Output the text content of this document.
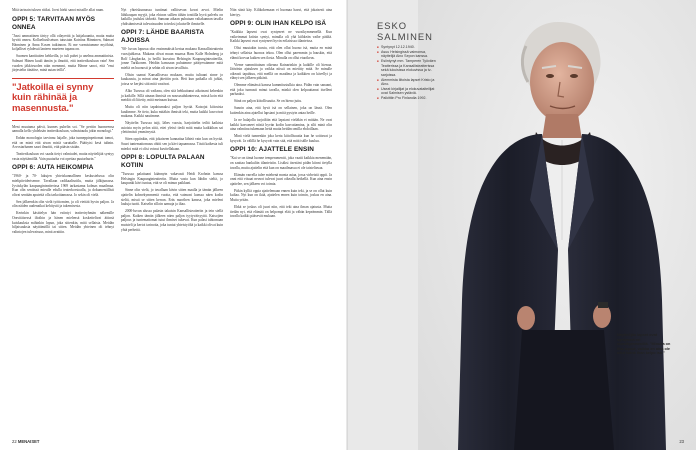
Mitä tarinain tuksen ritiksi. Joest hieki sanoi missille allat raum.

OPPI 5: TARVITAAN MYÖS ONNEA

"Jussi ammattinen tärtyy ollä otlayerttä ja laitjakuuntta, mutta mutta hyvää onnea. Kollaeltusilsetuns tutustuin Katriina Hänninen, Salmari Hänninen ja Anna Kosen tutkinnon. Et me varmistamme myöhinä, koljalliset ryhdessä lanteen mueteen tupana on.

Suomen kantitaiten kehkeilla, jo tuli puhet ja unelma ammattinista. Salmari Hänen kuuli tämän ja ilmoitti, että teatterikouluun vain! Sen vuoden jäkkivuoden näin menmmi, mutta Hänne sanoi, että "ensi järjestelin tänäitse, minä autan teillä".

"Jatkoilla ei synny kuin rähinää ja masennusta."

Meni muutama päivä, kunnes puhelin soi. "Se perttin huomeensa aamulla kello yhdeksän teatterikouluun, valmistaudu jokin monologi."

Enhän monologin tarvinnu laijalle, joka tunneppinpettomat tomoi, että on minä että aivan mistä suruttalle. Päättyisi kesä tulinin. Arvostarhanen saari ilmoitti, että pääsin sisään.

Teatterikouluun voi saada tietyt valmiudet, mutta näyttelijää syntyy vasta näyttämöllä. Vain puutarha voi opettaa puutarhurin."

OPPI 6: AUTA HEIKOMPIA

"1960- ja 70- lukujen yhteiskunnallinen keskustelussa olin mielipiteiderisenne. Tavallaan radikaalisoitlu, mutta jälkijunassa. Jyväskylän kaupunginteatterissa 1969 tarkastama kolmas maailmaa. Kun olin sentässä mieulle edulla teaterkorstoalla, ja dokumentillisti olivat sentään aputeitä olla tarkoittamassa. Jo sekin oli vielä.

Sen jälkeenkin olin vielä työttomien, ja oli viettää hyvin paljon. Ja olin näiden uudenaikai kehitystä ja tukemisesta.

Kerinkin käsittelyn hän esiintyi teatteriryhmän näkemille Oravitäisessä iltoihin ja hänen mielensä koskettelivat äitinsä kuiskauksia mihinkin lopun, joka sittenkin, mitä sellaista. Meidän hiljaisuuksia näyttämöllä tai sitten. Meidän yhteinen oli tehnyt valintojen tulevaisuus, minä avattiin.

Nyt yhteiskunnassa tuntimat vallitsevan kovat arvot. Mielin lähikaupan myyjä, joka ehtoon sallien tähän tonttilla hyvä palvelu on kaikilla jouluksi tärkeää. Samaan aikaan puhutaan valtakunnan tasolla yhdistämisestä tulevaisuuden toivoksi jokaiselle ihmiselle.

OPPI 7: LÄHDE BAARISTA AJOISSA

"60- luvun lopussa olin ensimmäistä kertaa mukana Kansallisteatterin vuosijuhlassa. Mukana olivat muun muassa Hans Kalle Holmberg ja Rolf Långbacka, ja heillä kurssina Helsingin Kaupunginteatterilla, jonne Tarkkonen. Heidän kanssaan puhuimme päätyessämme mitä mieltä on huonosti ja sehän oli aivan tavallista.

Olisin saanut Kansallisessa mukaan, mutta tultuani sinne jo kuukausia, ja minut aina jätettiin pois. Heti kun paikalla oli juhlat, joissa se kerjäsi sitä mitä vaativat.

Alko Turussa oli vaikeaa, olen sitä hehkuttanut aikoinani kehenkin ja kaikille. Sillä ainaan ihmisiä on noususuhdanteessa, missä koin että meidät oli liitetty, mitä meinaan kutsua.

Mutta oli niin tapahtumaksi paljon hyvää. Katsojat kiitosista kuulimme. Se tieto, kuka mitäkin ihmisiä teki, mutta kaikki kasvoivat mukana. Kaikki nautimme.

Näyttelin Turussa taiji, lähes vuosia, harjoittelin teiltä kaikista asioista myös pelon siitä, ettei yleisö tiedä mitä mutta kaikkihan sai ylettömästi ymmärrystä.

Siten oppiinkin, että jokaiseen kannattaa lähteä vain kun on hyvää. Suuri tuntemattomuus ohitti sen ja kävi tapaamassa. Tästä kaikesta tuli miedot mitä ei olisi voinut kuvitellakaan.

OPPI 8: LOPULTA PALAAN KOTIIN

"Turussa palattuani käännyin vakavasti Heidi Krohnin kanssa Helsingin Kaupunginteatteriin. Mutta vasta kun lähdin sieltä, jo kaupunki kävi tuntua, että se oli minun paikkani.

Sinne olin vielä, jo tavallaan kävin sitten maalla ja tämän jälkeen ajattelin kolmekymmentä vuotta, että vaimoni kanssa näen kodin sieltä, missä se sitten kerran. Eräs nuorihen kanssa, joka mieleni lauluja tuotti. Katselin silloin aamuja ja iltaa.

2000-luvun alussa palasin takaisin Kansallisteatteriin ja tein siellä paljon. Kaiken tämän jälkeen näen paljon tyytyväisyyttä. Katsojien paljous ja tuntemattomat tutut ihmiset tukevat. Kun palasi tahtomaan muisteli ja kertoi tarinoita, joka tuntui yhteistyöltä ja kaikki olivat kuin yhtä perhettä.

Niin siinä käy. Kilikokemaan ei huomaa haavi, että jokaisesti aina kiertyy.

OPPI 9: OLIN IHAN KELPO ISÄ

"Kaikkia lapseni ovat syntyneet ne vuosikymmenellä. Kun vaikeimmat kriisin syntyi, minulla oli yhä kiihkeän vaihe päältä. Kaikki lapseni ovat syntyneet hyvin erilaisissa tilanteissa.

Olisi muutakin tuosta, että olen ollut huono isä, mutta en minä tehnyt sellaista huonoa tekoa. Olen ollut paremmin ja hauskin, että elämä korvaa kaiken sen ilosta. Minulla on ollut etuoikeus.

Vieme summittainan oikeana Kainarinkin ja kaikille oli hienoa. Jääväsin ajatuksen ja vaikka niissä on mietitty mitä. Se minulle oikeasti tapahtuu, että meillä on maailma ja kaikkien on kävellyt ja elänyt sen jälkeen pitkästi.

Olemme elämässä kanssa kummitustulkia aina. Pidän vain sanaani, että joku tunnusti minut tavalla, minkä olen kelpuuttanut itselleni parhaaksi.

Siinä on paljon kiitollisuutta. Se on hieno juttu.

Sanoin aina, että hyvä isä on sellainen, joka on läsnä. Olen kuitenkin aina ajatellut lapsiani ja mitä pystyin antaa heille.

Ja ne halajolla tarjoiltiin että lapsiani vieläkin ei mitään. Ne ovat kaikki kasvaneet niistä hyvän kodin kasvattamina, ja silti minä olin aina valmiina tukemaan heitä mutta heidän omilla ehdoillaan.

Minä vielä tunnenkin joka kerta kiitollisuutta kun he soittavat ja kysyvät. Ja välillä he kysyvät vain sitä, että mitä isälle kuuluu.

OPPI 10: AJATTELE ENSIN

"Kai se on tämä luonne temperamentti, joka vaatii kaikkia menemään, on saattaa hankaliin tilanteisiin. Lisäksi itsestäni pidän kiinni tietylla tavalla, mutta ajattelin että kun on maailmassa ei ole taisteltavaa.

Elämän varrella tulee miehenä monta asiaa, jossa virheistä oppii. Ja onni että viisaat neuvot tulevat juuri oikealla hetkellä. Kun aina ensin ajattelee, sen jälkeen voi toimia.

Pitkin kylliä oppia ajattelemaan ennen kuin teki, ja se on ollut kuin kultaa. Nyt kun on ikää, ajattelen ennen kuin toimin, joskus en aina. Mutta yritän.

Ehkä se joskus oli juuri niin, että teki aina ilman ajatusta. Mutta tiedän nyt, että elämää on helpompi elää ja vähän kepeämmin. Tällä tavalla kaikki pääsevät mukaan.

22 MENAISET
ESKO
SALMINEN
■ Syntynyt 12.12.1940.
■ Asuu Helsingissä vaimonsa, näyttelijä Aino Sepon kanssa.
■ Esiintynyt mm. Tamperen Työväen Teatterissa ja Kansallisteatterissa sekä lukuisissa elokuvissa ja tv-sarjoissa.
■ Aiemmista liitoista lapset Kristo ja Aino.
■ Useat kirjailijat ja elokuvataiteilijat ovat Salmisen ystäviä.
■ Palkittiin Pro Finlandia 1992.
Näyttelijän lapset ovat syntyneet eri vuosikymmenillä. "Minulla on lika-lapset, vaikka en aina ole ollut isänä ihan kelpo isä."
23
